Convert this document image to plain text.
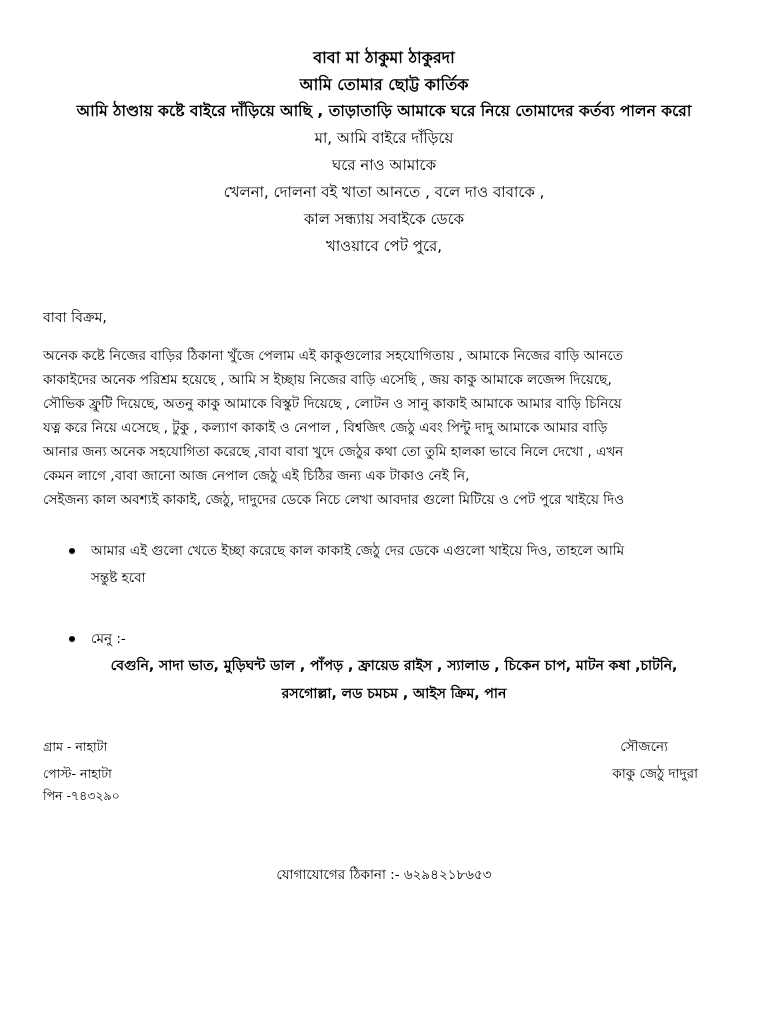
বাবা মা ঠাকুমা ঠাকুরদা
আমি তোমার ছোট্ট কার্তিক
আমি ঠাণ্ডায় কষ্টে বাইরে দাঁড়িয়ে আছি , তাড়াতাড়ি আমাকে ঘরে নিয়ে তোমাদের কর্তব্য পালন করো
মা, আমি বাইরে দাঁড়িয়ে
ঘরে নাও আমাকে
খেলনা, দোলনা বই খাতা আনতে , বলে দাও বাবাকে ,
কাল সন্ধ্যায় সবাইকে ডেকে
খাওয়াবে পেট পুরে,
বাবা বিক্রম,

অনেক কষ্টে নিজের বাড়ির ঠিকানা খুঁজে পেলাম এই কাকুগুলোর সহযোগিতায় , আমাকে নিজের বাড়ি আনতে

কাকাইদের অনেক পরিশ্রম হয়েছে , আমি স ইচ্ছায় নিজের বাড়ি এসেছি , জয় কাকু আমাকে লজেন্স দিয়েছে,

সৌভিক ফ্রুটি দিয়েছে, অতনু কাকু আমাকে বিস্কুট দিয়েছে , লোটন ও সানু কাকাই আমাকে আমার বাড়ি চিনিয়ে

যত্ন করে নিয়ে এসেছে , টুকু , কল্যাণ কাকাই ও নেপাল , বিশ্বজিৎ জেঠু এবং পিন্টু দাদু আমাকে আমার বাড়ি

আনার জন্য অনেক সহযোগিতা করেছে ,বাবা বাবা খুদে জেঠুর কথা তো তুমি হালকা ভাবে নিলে দেখো , এখন

কেমন লাগে ,বাবা জানো আজ নেপাল জেঠু এই চিঠির জন্য এক টাকাও নেই নি,

সেইজন্য কাল অবশ্যই কাকাই, জেঠু, দাদুদের ডেকে নিচে লেখা আবদার গুলো মিটিয়ে ও পেট পুরে খাইয়ে দিও

আমার এই গুলো খেতে ইচ্ছা করেছে কাল কাকাই জেঠু দের ডেকে এগুলো খাইয়ে দিও, তাহলে আমি
সন্তুষ্ট হবো
মেনু :-
বেগুনি, সাদা ভাত, মুড়িঘন্ট ডাল , পাঁপড় , ফ্রায়েড রাইস , স্যালাড , চিকেন চাপ, মাটন কষা ,চাটনি,
রসগোল্লা, লড চমচম , আইস ক্রিম, পান
গ্রাম - নাহাটা
পোস্ট- নাহাটা
পিন -৭৪৩২৯০
সৌজন্যে
কাকু জেঠু দাদুরা
যোগাযোগের ঠিকানা :- ৬২৯৪২১৮৬৫৩
